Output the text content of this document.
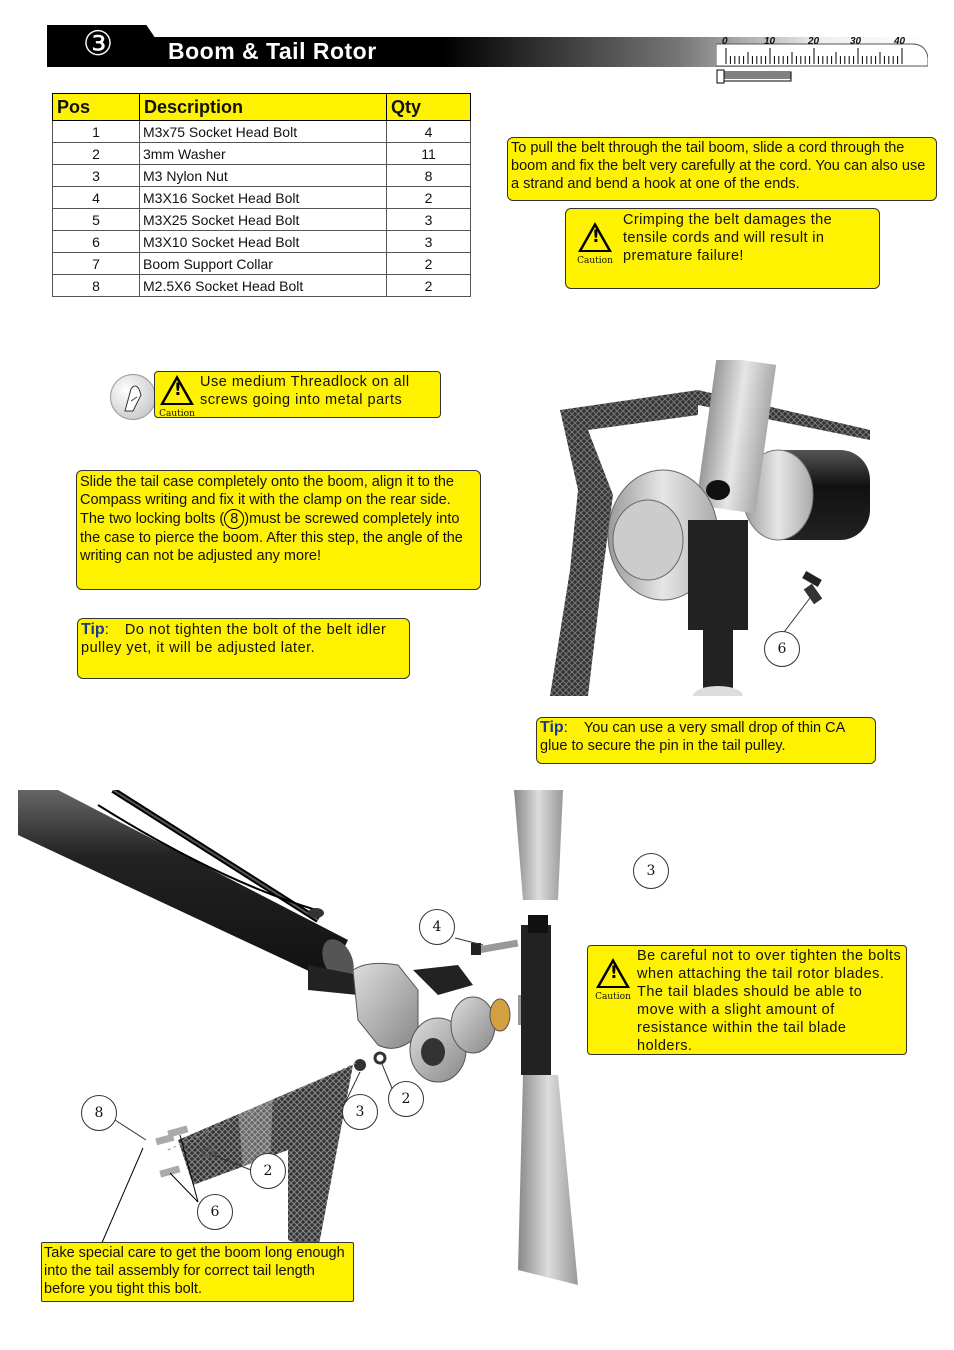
③ Boom & Tail Rotor	0	10	20	30	40
Pos	Description	Qty
1	M3x75 Socket Head Bolt	4
2	3mm Washer	11
3	M3 Nylon Nut	8
4	M3X16 Socket Head Bolt	2
5	M3X25 Socket Head Bolt	3
6	M3X10 Socket Head Bolt	3
7	Boom Support Collar	2
8	M2.5X6 Socket Head Bolt	2
To pull the belt through the tail boom, slide a cord through the boom and fix the belt very carefully at the cord. You can also use a strand and bend a hook at one of the ends.
!
Caution
Crimping the belt damages the tensile cords and will result in premature failure!
!
Caution
Use medium Threadlock on all screws going into metal parts
Slide the tail case completely onto the boom, align it to the Compass writing and fix it with the clamp on the rear side. The two locking bolts ( 8 )must be screwed completely into the case to pierce the boom. After this step, the angle of the writing can not be adjusted any more!
Tip:    Do not tighten the bolt of the belt idler pulley yet, it will be adjusted later.
Tip:    You can use a very small drop of thin CA glue to secure the pin in the tail pulley.
6
!
Caution
Be careful not to over tighten the bolts when attaching the tail rotor blades. The tail blades should be able to move with a slight amount of resistance within the tail blade holders.
3
4
8	3
2
2
6
Take special care to get the boom long enough into the tail assembly for correct tail length before you tight this bolt.
